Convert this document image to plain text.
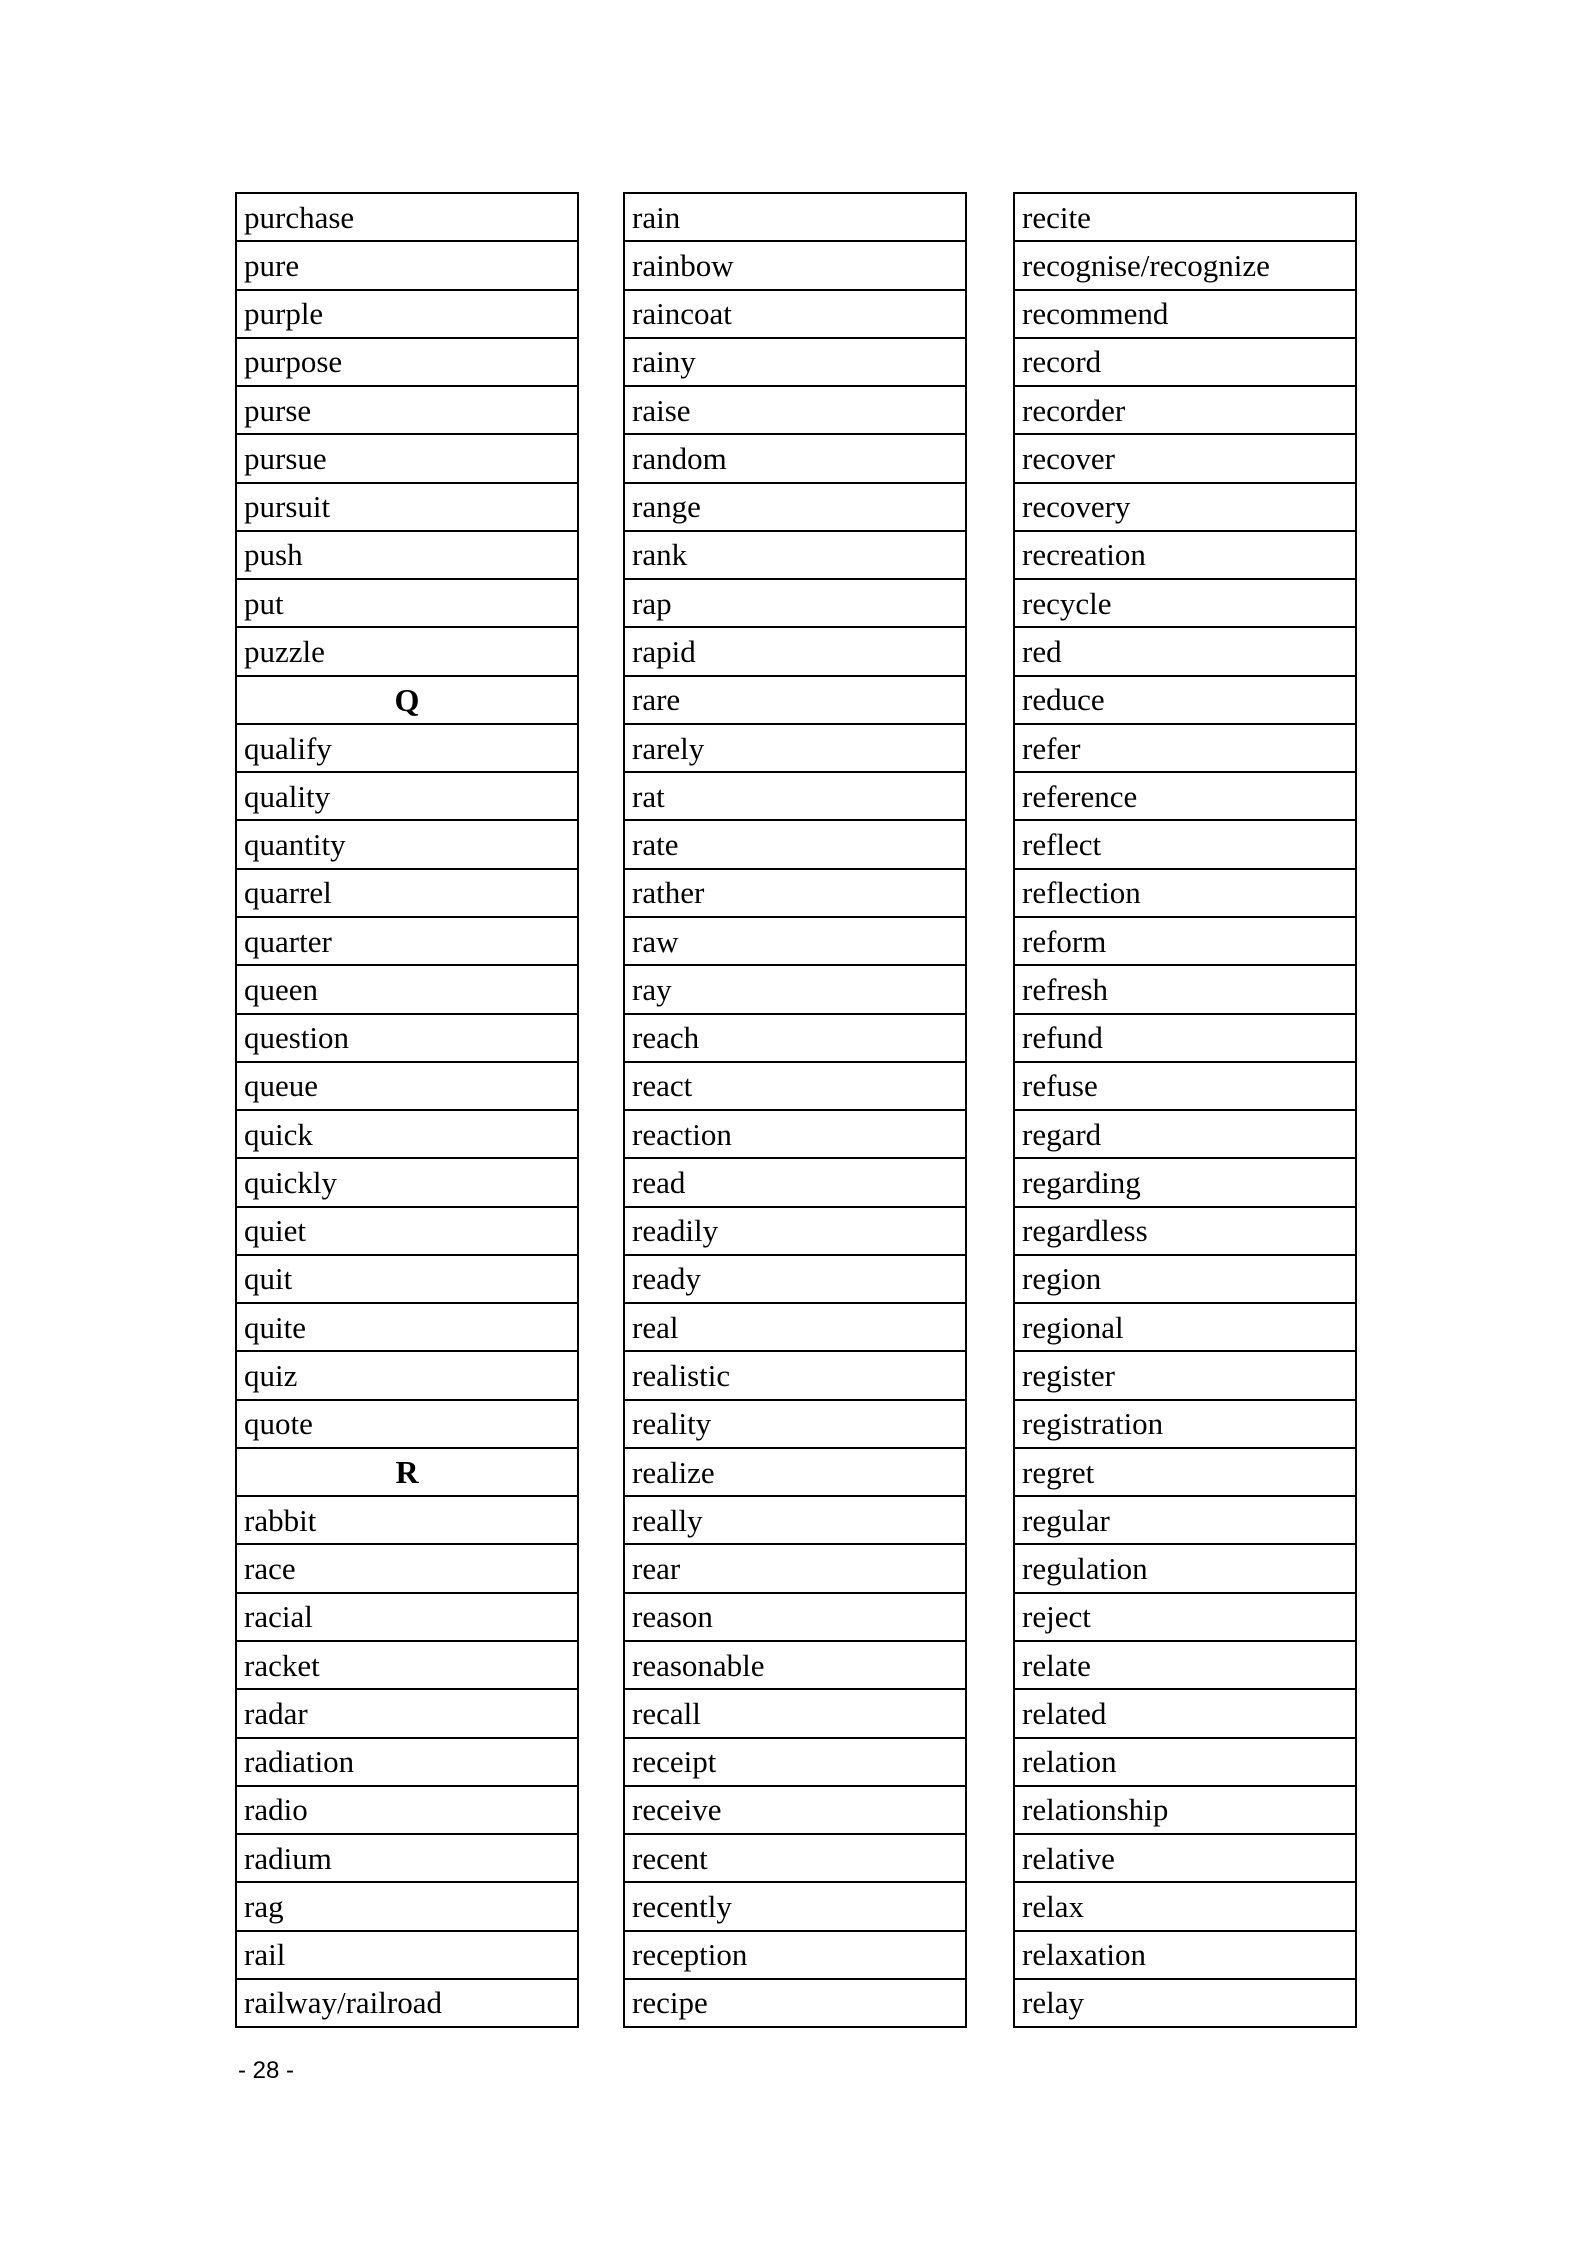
purchase
pure
purple
purpose
purse
pursue
pursuit
push
put
puzzle
Q
qualify
quality
quantity
quarrel
quarter
queen
question
queue
quick
quickly
quiet
quit
quite
quiz
quote
R
rabbit
race
racial
racket
radar
radiation
radio
radium
rag
rail
railway/railroad
rain
rainbow
raincoat
rainy
raise
random
range
rank
rap
rapid
rare
rarely
rat
rate
rather
raw
ray
reach
react
reaction
read
readily
ready
real
realistic
reality
realize
really
rear
reason
reasonable
recall
receipt
receive
recent
recently
reception
recipe
recite
recognise/recognize
recommend
record
recorder
recover
recovery
recreation
recycle
red
reduce
refer
reference
reflect
reflection
reform
refresh
refund
refuse
regard
regarding
regardless
region
regional
register
registration
regret
regular
regulation
reject
relate
related
relation
relationship
relative
relax
relaxation
relay
- 28 -
